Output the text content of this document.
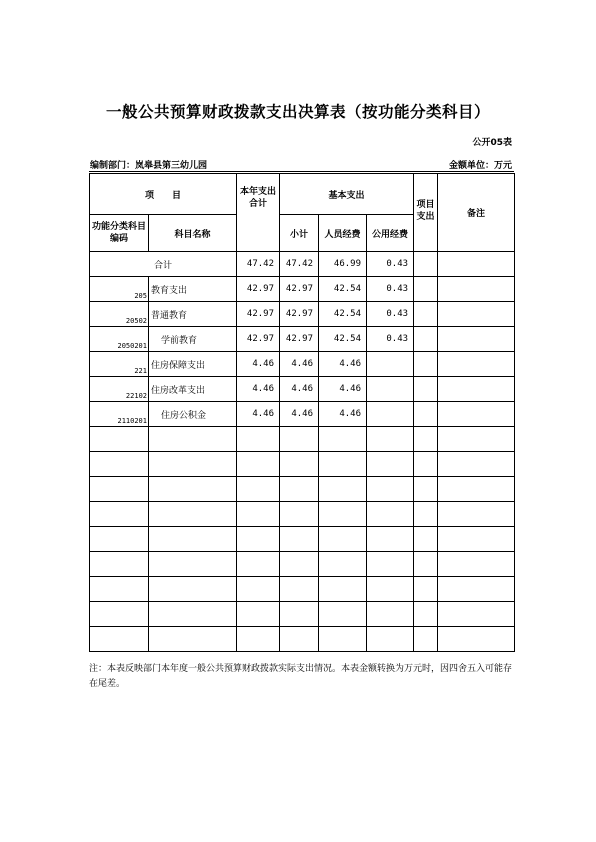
一般公共预算财政拨款支出决算表（按功能分类科目）
公开05表
编制部门：岚皋县第三幼儿园	金额单位：万元
项　　目		本年支出合计	基本支出			项目支出	备注
功能分类科目编码	科目名称		小计	人员经费	公用经费		
合计		47.42	47.42	46.99	0.43		

205	教育支出	42.97	42.97	42.54	0.43		

20502	普通教育	42.97	42.97	42.54	0.43		

2050201	学前教育	42.97	42.97	42.54	0.43		

221	住房保障支出	4.46	4.46	4.46			

22102	住房改革支出	4.46	4.46	4.46			

2110201	住房公积金	4.46	4.46	4.46			

注：本表反映部门本年度一般公共预算财政拨款实际支出情况。本表金额转换为万元时，因四舍五入可能存在尾差。
